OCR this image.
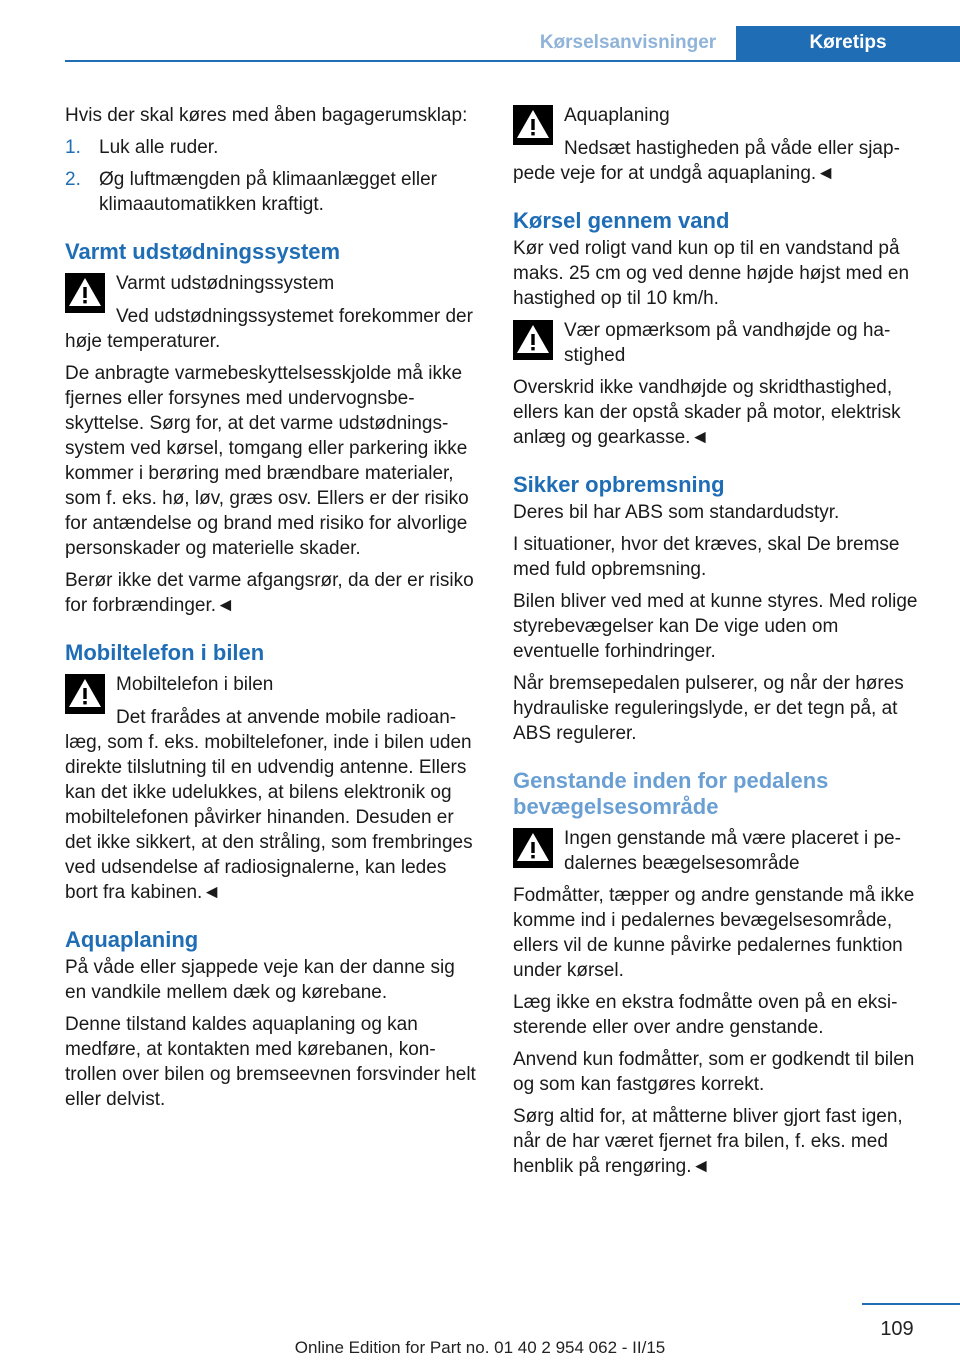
Kørselsanvisninger	Køretips

Hvis der skal køres med åben bagagerumsklap:

1. Luk alle ruder.
2. Øg luftmængden på klimaanlægget eller klimaautomatikken kraftigt.
Varmt udstødningssystem
Varmt udstødningssystem
Ved udstødningssystemet forekommer der høje temperaturer.

De anbragte varmebeskyttelsesskjolde må ikke fjernes eller forsynes med undervognsbeskyttelse. Sørg for, at det varme udstødningssystem ved kørsel, tomgang eller parkering ikke kommer i berøring med brændbare materialer, som f. eks. hø, løv, græs osv. Ellers er der risiko for antændelse og brand med risiko for alvorlige personskader og materielle skader.

Berør ikke det varme afgangsrør, da der er risiko for forbrændinger.◄

Mobiltelefon i bilen
Mobiltelefon i bilen
Det frarådes at anvende mobile radioanlæg, som f. eks. mobiltelefoner, inde i bilen uden direkte tilslutning til en udvendig antenne. Ellers kan det ikke udelukkes, at bilens elektronik og mobiltelefonen påvirker hinanden. Desuden er det ikke sikkert, at den stråling, som frembringes ved udsendelse af radiosignalerne, kan ledes bort fra kabinen.◄
Aquaplaning

På våde eller sjappede veje kan der danne sig en vandkile mellem dæk og kørebane.

Denne tilstand kaldes aquaplaning og kan medføre, at kontakten med kørebanen, kontrollen over bilen og bremseevnen forsvinder helt eller delvist.

Aquaplaning
Nedsæt hastigheden på våde eller sjappede veje for at undgå aquaplaning.◄
Kørsel gennem vand

Kør ved roligt vand kun op til en vandstand på maks. 25 cm og ved denne højde højst med en hastighed op til 10 km/h.

Vær opmærksom på vandhøjde og hastighed

Overskrid ikke vandhøjde og skridthastighed, ellers kan der opstå skader på motor, elektrisk anlæg og gearkasse.◄

Sikker opbremsning

Deres bil har ABS som standardudstyr.

I situationer, hvor det kræves, skal De bremse med fuld opbremsning.

Bilen bliver ved med at kunne styres. Med rolige styrebevægelser kan De vige uden om eventuelle forhindringer.

Når bremsepedalen pulserer, og når der høres hydrauliske reguleringslyde, er det tegn på, at ABS regulerer.

Genstande inden for pedalens bevægelsesområde
Ingen genstande må være placeret i pedalernes beægelsesområde

Fodmåtter, tæpper og andre genstande må ikke komme ind i pedalernes bevægelsesområde, ellers vil de kunne påvirke pedalernes funktion under kørsel.

Læg ikke en ekstra fodmåtte oven på en eksisterende eller over andre genstande.

Anvend kun fodmåtter, som er godkendt til bilen og som kan fastgøres korrekt.

Sørg altid for, at måtterne bliver gjort fast igen, når de har været fjernet fra bilen, f. eks. med henblik på rengøring.◄

109
Online Edition for Part no. 01 40 2 954 062 - II/15
